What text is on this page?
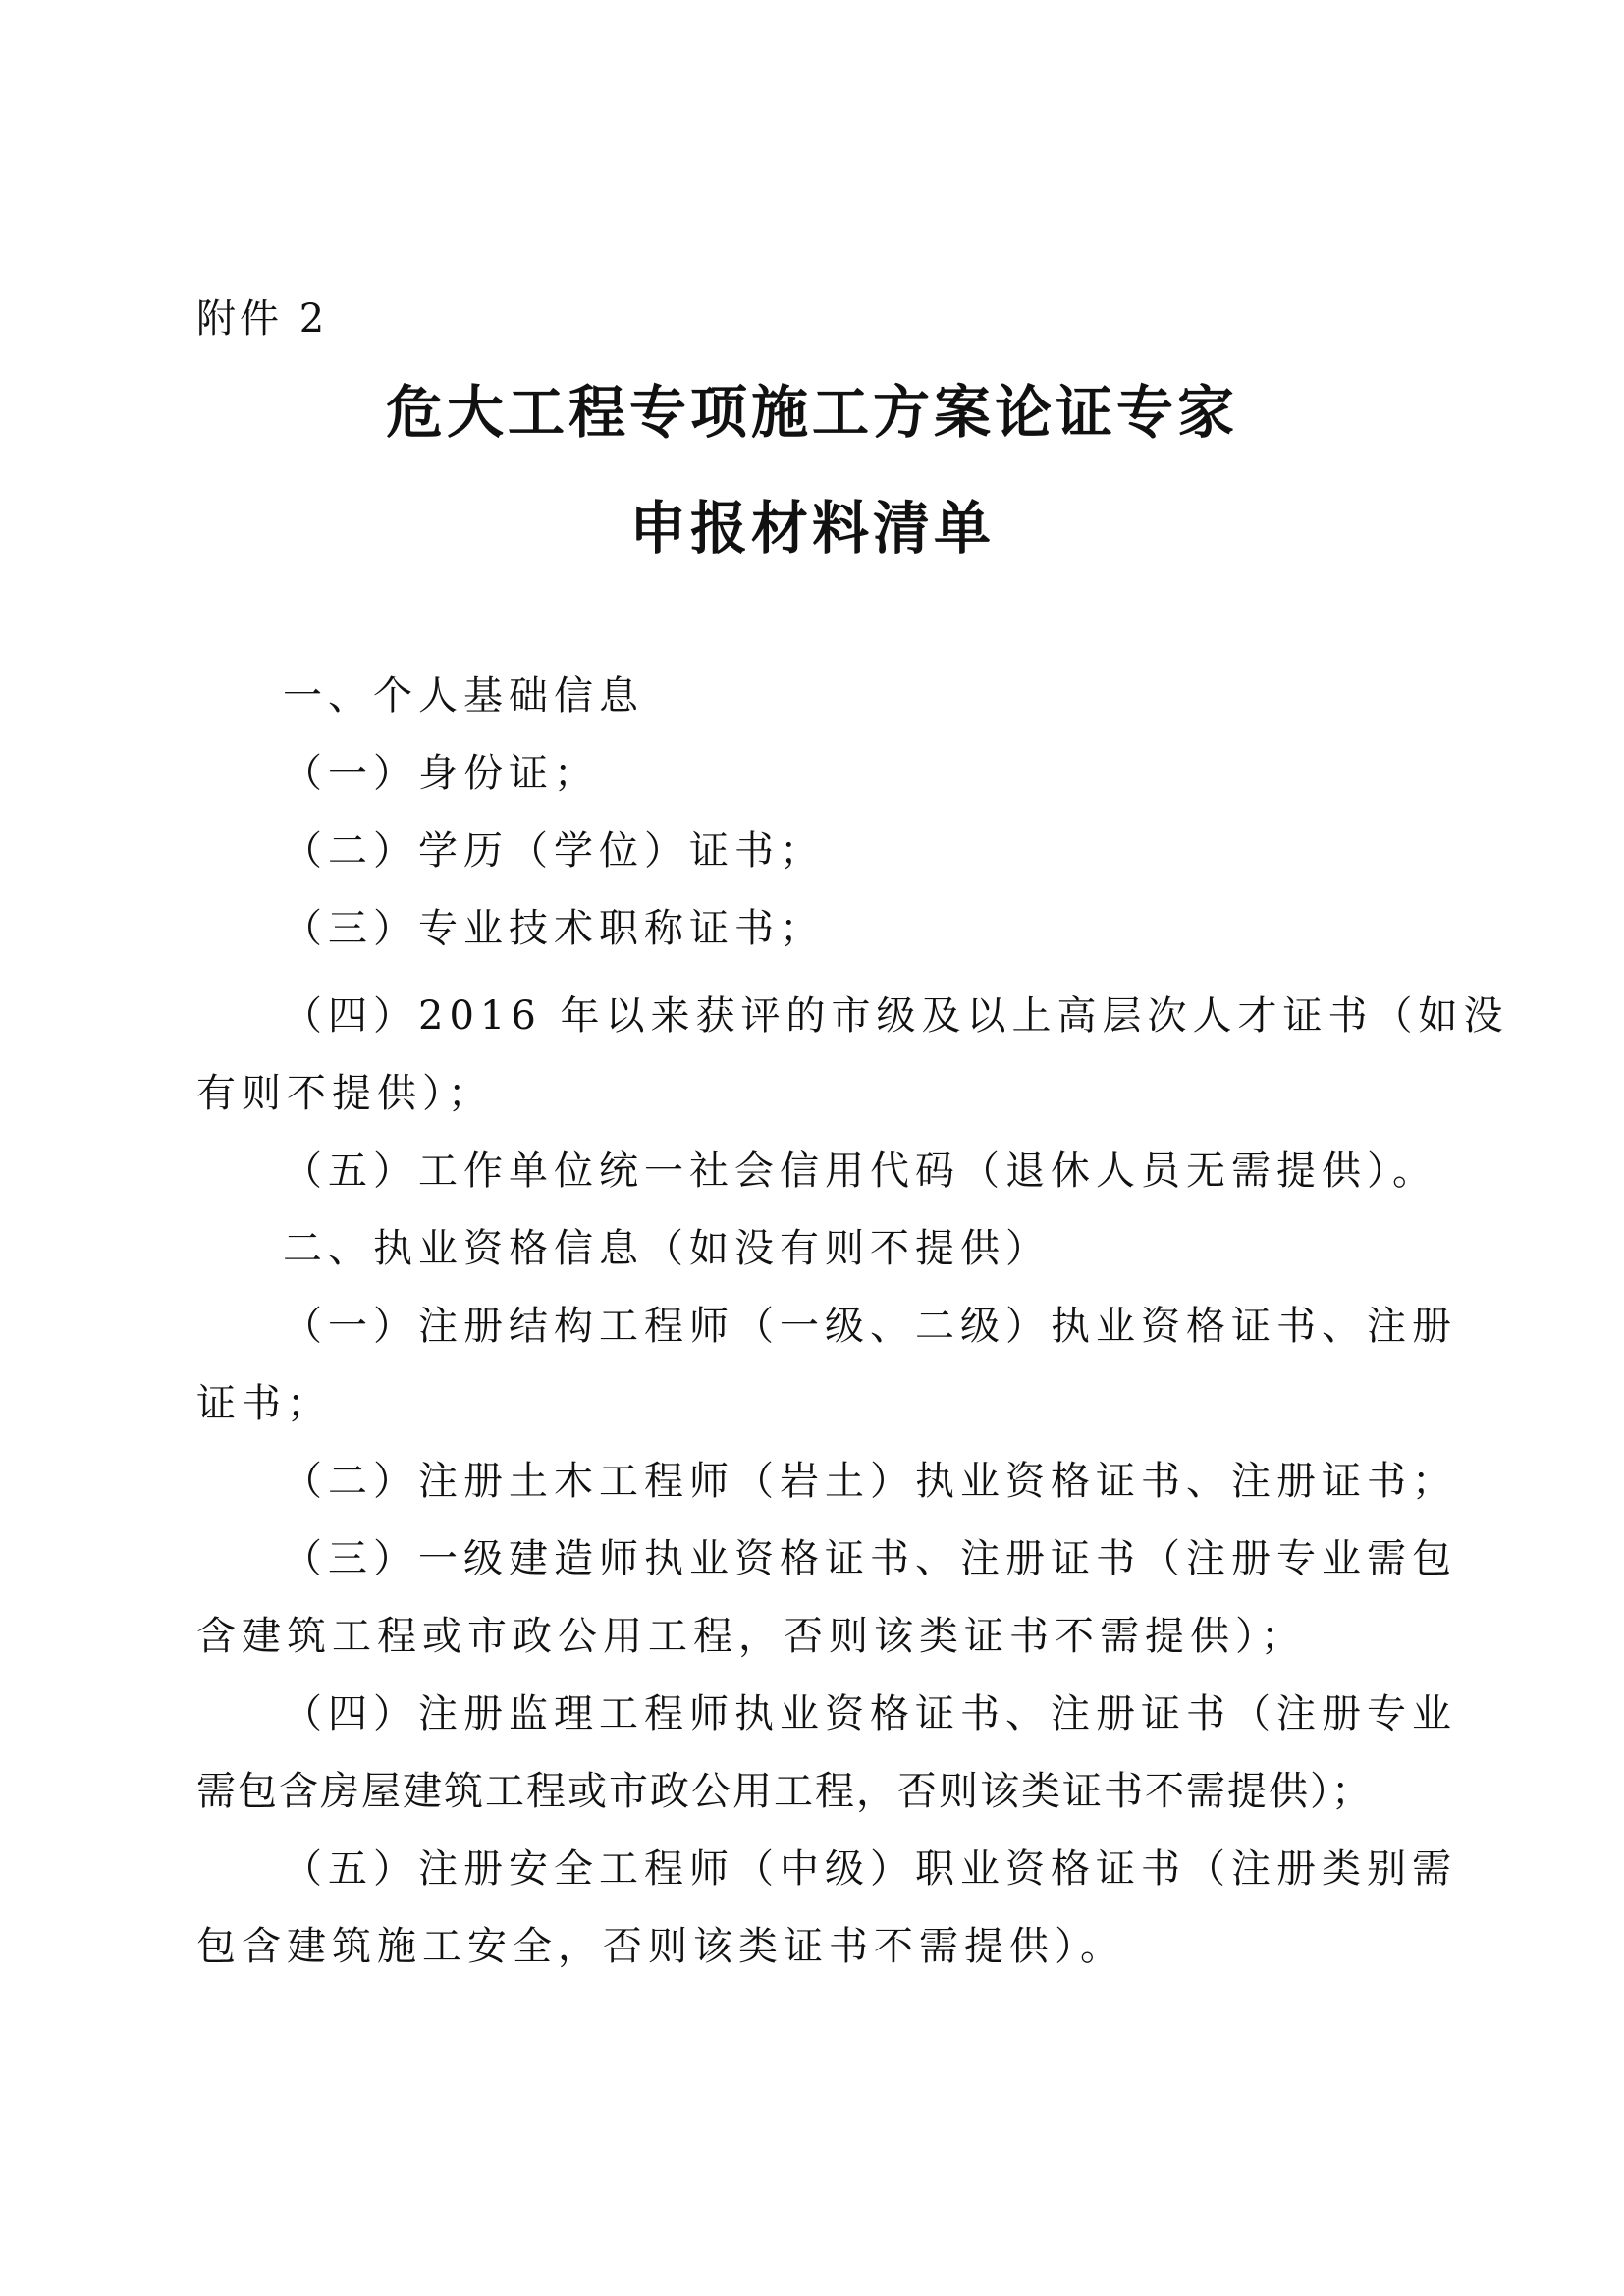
附件 2
危大工程专项施工方案论证专家
申报材料清单
一、个人基础信息
（一）身份证；
（二）学历（学位）证书；
（三）专业技术职称证书；
（四）2016 年以来获评的市级及以上高层次人才证书（如没
有则不提供）；
（五）工作单位统一社会信用代码（退休人员无需提供）。
二、执业资格信息（如没有则不提供）
（一）注册结构工程师（一级、二级）执业资格证书、注册
证书；
（二）注册土木工程师（岩土）执业资格证书、注册证书；
（三）一级建造师执业资格证书、注册证书（注册专业需包
含建筑工程或市政公用工程，否则该类证书不需提供）；
（四）注册监理工程师执业资格证书、注册证书（注册专业
需包含房屋建筑工程或市政公用工程，否则该类证书不需提供）；
（五）注册安全工程师（中级）职业资格证书（注册类别需
包含建筑施工安全，否则该类证书不需提供）。
